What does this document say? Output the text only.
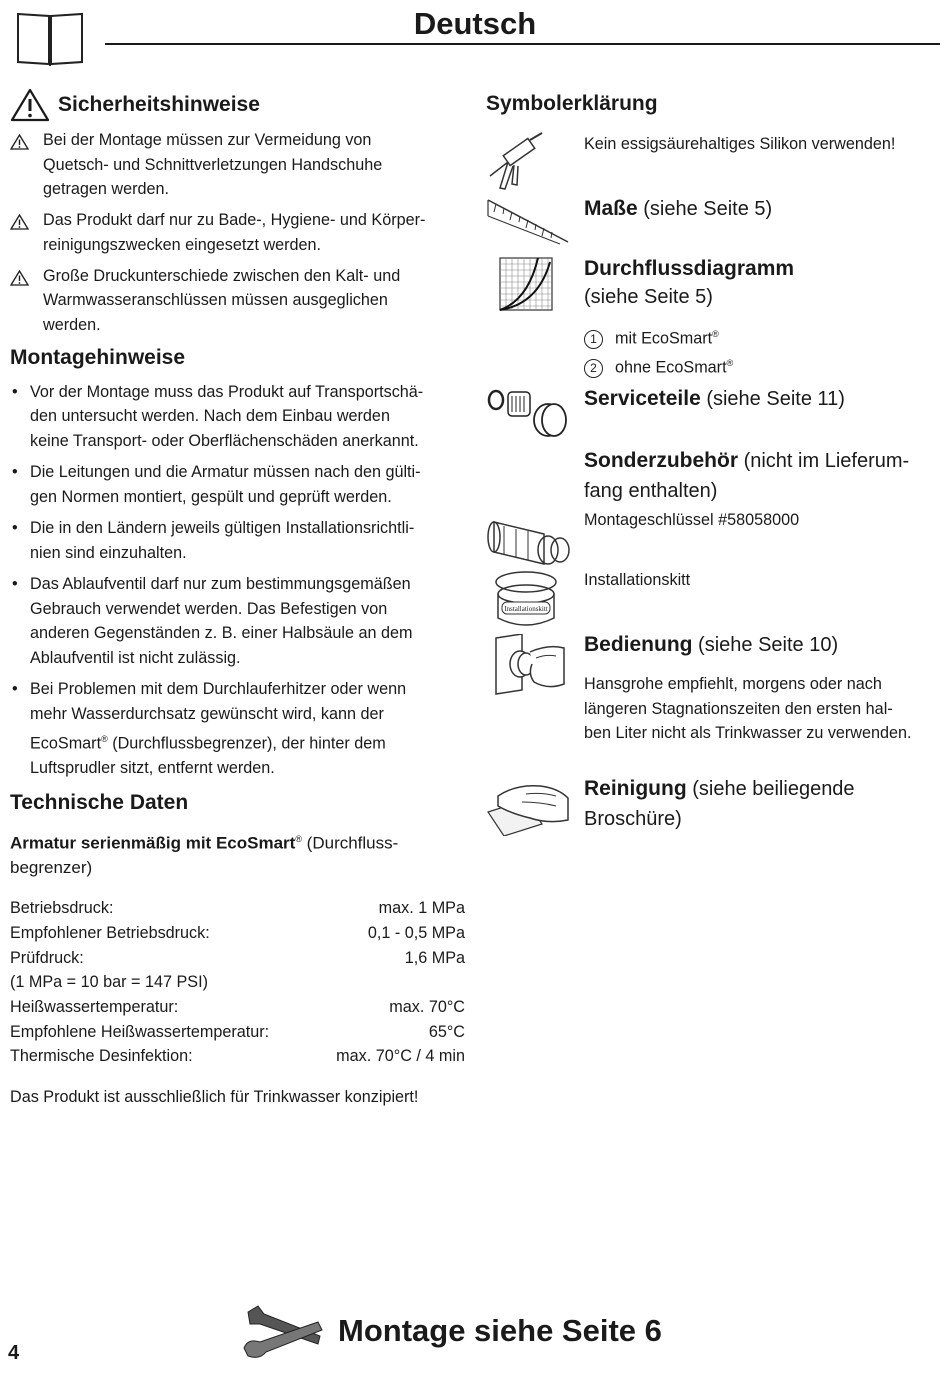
Deutsch
Sicherheitshinweise
Bei der Montage müssen zur Vermeidung von
Quetsch- und Schnittverletzungen Handschuhe
getragen werden.
Das Produkt darf nur zu Bade-, Hygiene- und Körper-
reinigungszwecken eingesetzt werden.
Große Druckunterschiede zwischen den Kalt- und
Warmwasseranschlüssen müssen ausgeglichen
werden.
Montagehinweise
• Vor der Montage muss das Produkt auf Transportschä-
den untersucht werden. Nach dem Einbau werden
keine Transport- oder Oberflächenschäden anerkannt.
• Die Leitungen und die Armatur müssen nach den gülti-
gen Normen montiert, gespült und geprüft werden.
• Die in den Ländern jeweils gültigen Installationsrichtli-
nien sind einzuhalten.
• Das Ablaufventil darf nur zum bestimmungsgemäßen
Gebrauch verwendet werden. Das Befestigen von
anderen Gegenständen z. B. einer Halbsäule an dem
Ablaufventil ist nicht zulässig.
• Bei Problemen mit dem Durchlauferhitzer oder wenn
mehr Wasserdurchsatz gewünscht wird, kann der
EcoSmart® (Durchflussbegrenzer), der hinter dem
Luftsprudler sitzt, entfernt werden.
Technische Daten
Armatur serienmäßig mit EcoSmart® (Durchfluss-
begrenzer)
Betriebsdruck:	max. 1 MPa
Empfohlener Betriebsdruck:	0,1 - 0,5 MPa
Prüfdruck:	1,6 MPa
(1 MPa = 10 bar = 147 PSI)
Heißwassertemperatur:	max. 70°C
Empfohlene Heißwassertemperatur:	65°C
Thermische Desinfektion:	max. 70°C / 4 min
Das Produkt ist ausschließlich für Trinkwasser konzipiert!
Symbolerklärung
Kein essigsäurehaltiges Silikon verwenden!
Maße (siehe Seite 5)
Durchflussdiagramm
(siehe Seite 5)
1 mit EcoSmart®
2 ohne EcoSmart®
Serviceteile (siehe Seite 11)
Sonderzubehör (nicht im Lieferum-
fang enthalten)
Montageschlüssel #58058000
Installationskitt
Installationskitt
Bedienung (siehe Seite 10)
Hansgrohe empfiehlt, morgens oder nach
längeren Stagnationszeiten den ersten hal-
ben Liter nicht als Trinkwasser zu verwenden.
Reinigung (siehe beiliegende
Broschüre)
4
Montage siehe Seite 6
